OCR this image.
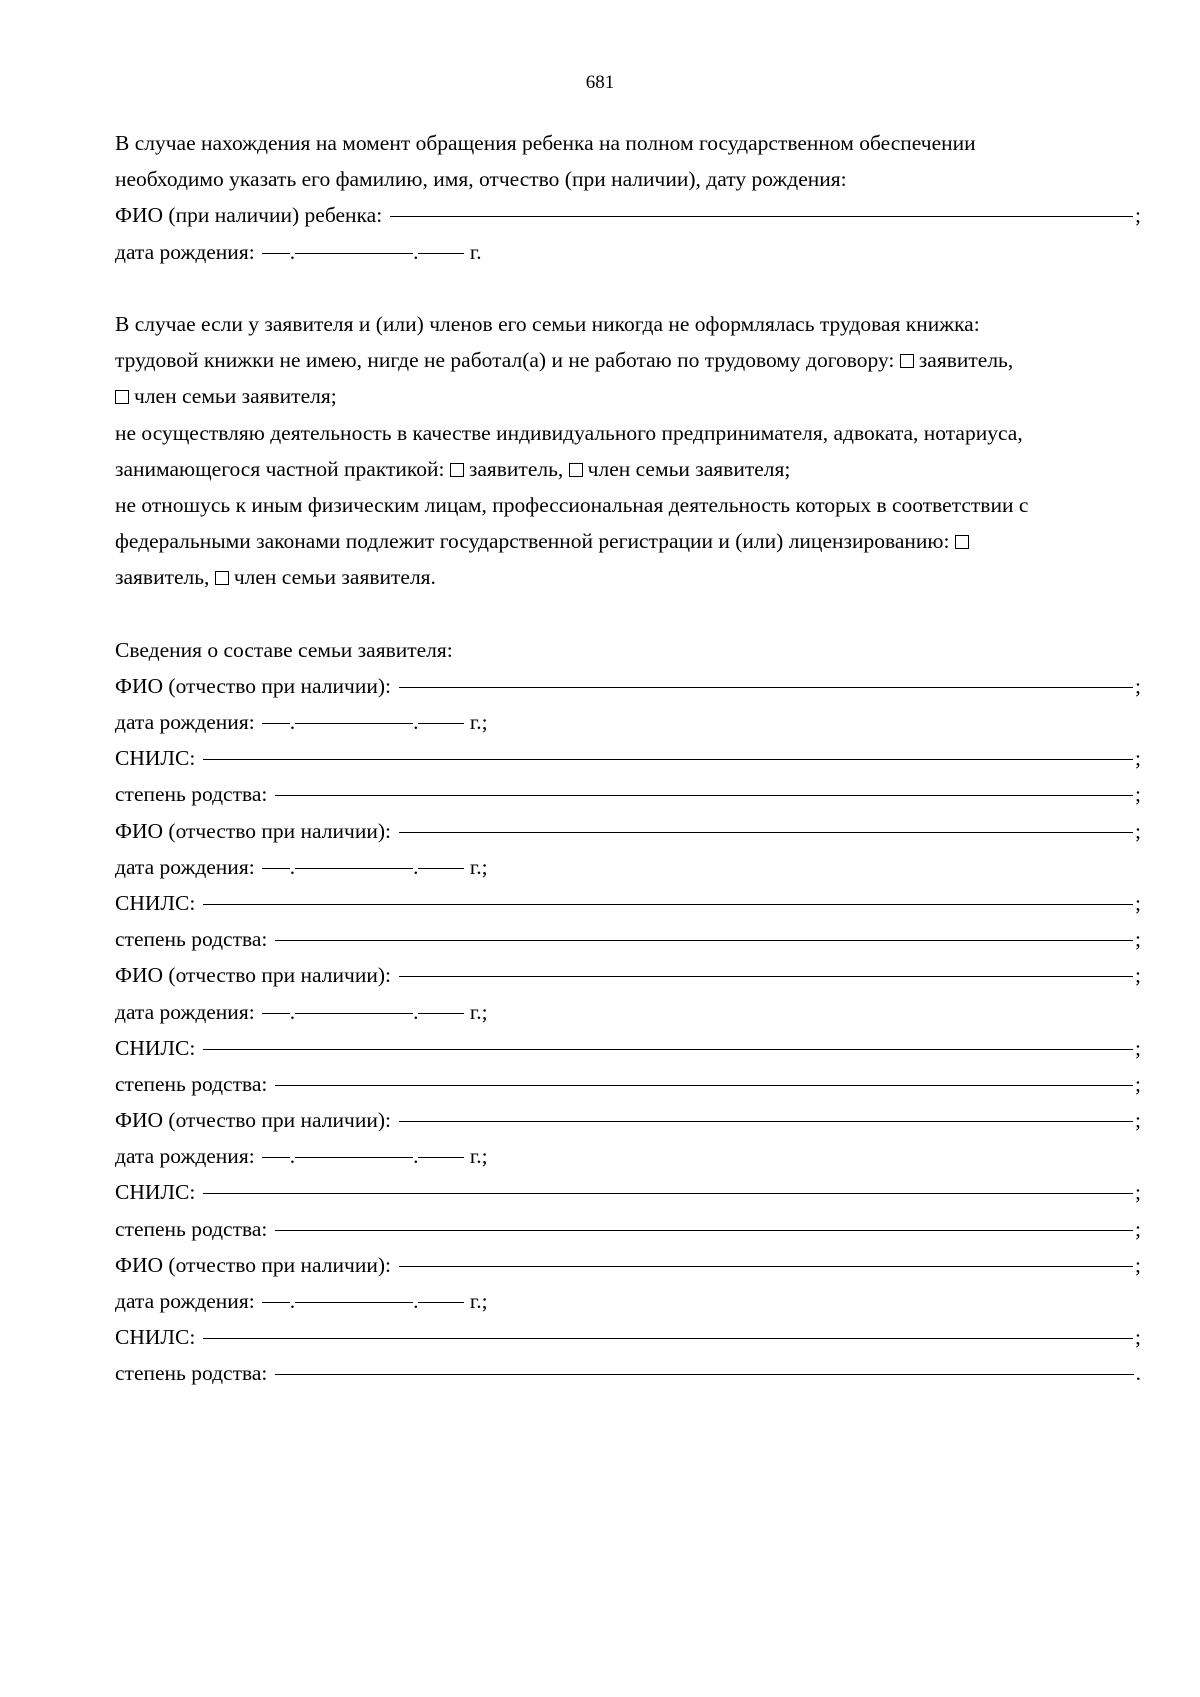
681
В случае нахождения на момент обращения ребенка на полном государственном обеспечении
необходимо указать его фамилию, имя, отчество (при наличии), дату рождения:
ФИО (при наличии) ребенка:	;
дата рождения: .	. г.
В случае если у заявителя и (или) членов его семьи никогда не оформлялась трудовая книжка:
трудовой книжки не имею, нигде не работал(а) и не работаю по трудовому договору: заявитель,
член семьи заявителя;
не осуществляю деятельность в качестве индивидуального предпринимателя, адвоката, нотариуса,
занимающегося частной практикой: заявитель, член семьи заявителя;
не отношусь к иным физическим лицам, профессиональная деятельность которых в соответствии с
федеральными законами подлежит государственной регистрации и (или) лицензированию:
заявитель, член семьи заявителя.
Сведения о составе семьи заявителя:
ФИО (отчество при наличии):	;
дата рождения: .	. г.;
СНИЛС:	;
степень родства:	;
ФИО (отчество при наличии):	;
дата рождения: .	. г.;
СНИЛС:	;
степень родства:	;
ФИО (отчество при наличии):	;
дата рождения: .	. г.;
СНИЛС:	;
степень родства:	;
ФИО (отчество при наличии):	;
дата рождения: .	. г.;
СНИЛС:	;
степень родства:	;
ФИО (отчество при наличии):	;
дата рождения: .	. г.;
СНИЛС:	;
степень родства:	.
